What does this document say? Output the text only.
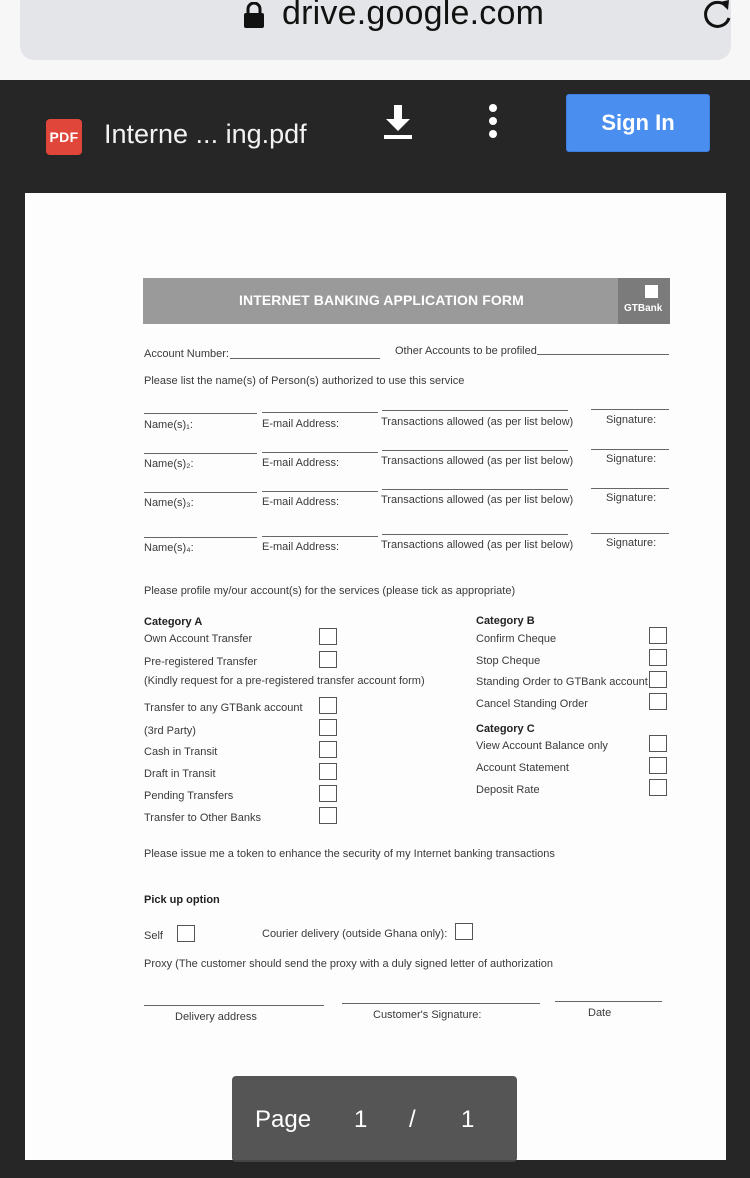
drive.google.com
PDF Interne ... ing.pdf	Sign In
INTERNET BANKING APPLICATION FORM
GTBank
Account Number:	Other Accounts to be profiled
Please list the name(s) of Person(s) authorized to use this service
Name(s)₁:	E-mail Address:	Transactions allowed (as per list below)	Signature:
Name(s)₂:	E-mail Address:	Transactions allowed (as per list below)	Signature:
Name(s)₃:	E-mail Address:	Transactions allowed (as per list below)	Signature:
Name(s)₄:	E-mail Address:	Transactions allowed (as per list below)	Signature:
Please profile my/our account(s) for the services (please tick as appropriate)
Category A
Own Account Transfer
Pre-registered Transfer
(Kindly request for a pre-registered transfer account form)
Transfer to any GTBank account
(3rd Party)
Cash in Transit
Draft in Transit
Pending Transfers
Transfer to Other Banks
Category B
Confirm Cheque
Stop Cheque
Standing Order to GTBank account
Cancel Standing Order
Category C
View Account Balance only
Account Statement
Deposit Rate
Please issue me a token to enhance the security of my Internet banking transactions
Pick up option
Self	Courier delivery (outside Ghana only):
Proxy (The customer should send the proxy with a duly signed letter of authorization
Delivery address	Customer's Signature:	Date
Page 1 / 1
